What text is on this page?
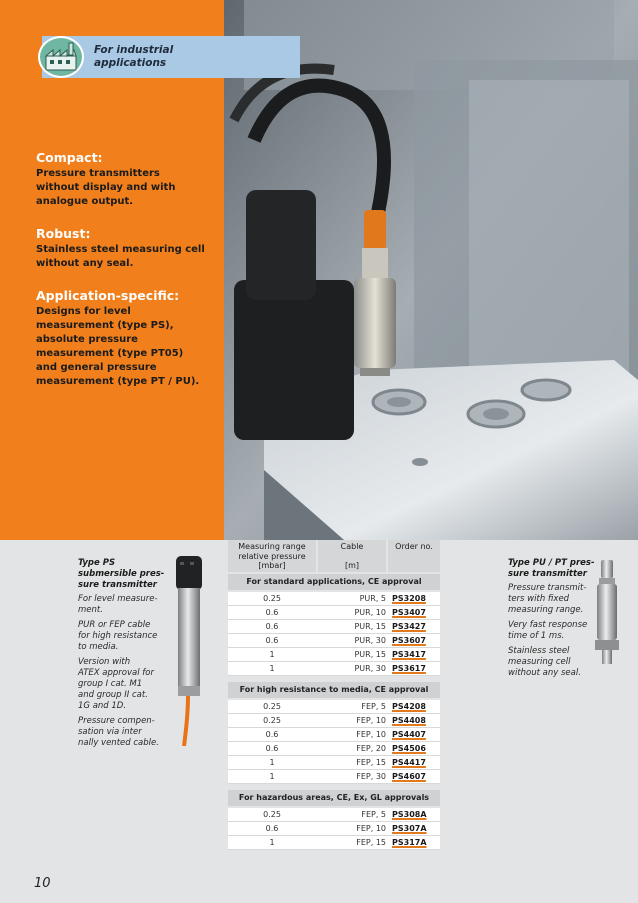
For industrial
applications
Compact:
Pressure transmitters without display and with analogue output.
Robust:
Stainless steel measuring cell without any seal.
Application-specific:
Designs for level measurement (type PS), absolute pressure measurement (type PT05) and general pressure measurement (type PT / PU).
Type PS
submersible pres-
sure transmitter
For level measure-
ment.
PUR or FEP cable
for high resistance
to media.
Version with
ATEX approval for
group I cat. M1
and group II cat.
1G and 1D.
Pressure compen-
sation via inter
nally vented cable.
Measuring range
relative pressure
[mbar]
Cable
[m]
Order no.
For standard applications, CE approval
0.25	PUR, 5 PS3208
0.6	PUR, 10 PS3407
0.6	PUR, 15 PS3427
0.6	PUR, 30 PS3607
1	PUR, 15 PS3417
1	PUR, 30 PS3617
For high resistance to media, CE approval
0.25	FEP, 5 PS4208
0.25	FEP, 10 PS4408
0.6	FEP, 10 PS4407
0.6	FEP, 20 PS4506
1	FEP, 15 PS4417
1	FEP, 30 PS4607
For hazardous areas, CE, Ex, GL approvals
0.25	FEP, 5 PS308A
0.6	FEP, 10 PS307A
1	FEP, 15 PS317A
Type PU / PT pres-
sure transmitter
Pressure transmit-
ters with fixed
measuring range.
Very fast response
time of 1 ms.
Stainless steel
measuring cell
without any seal.
10
